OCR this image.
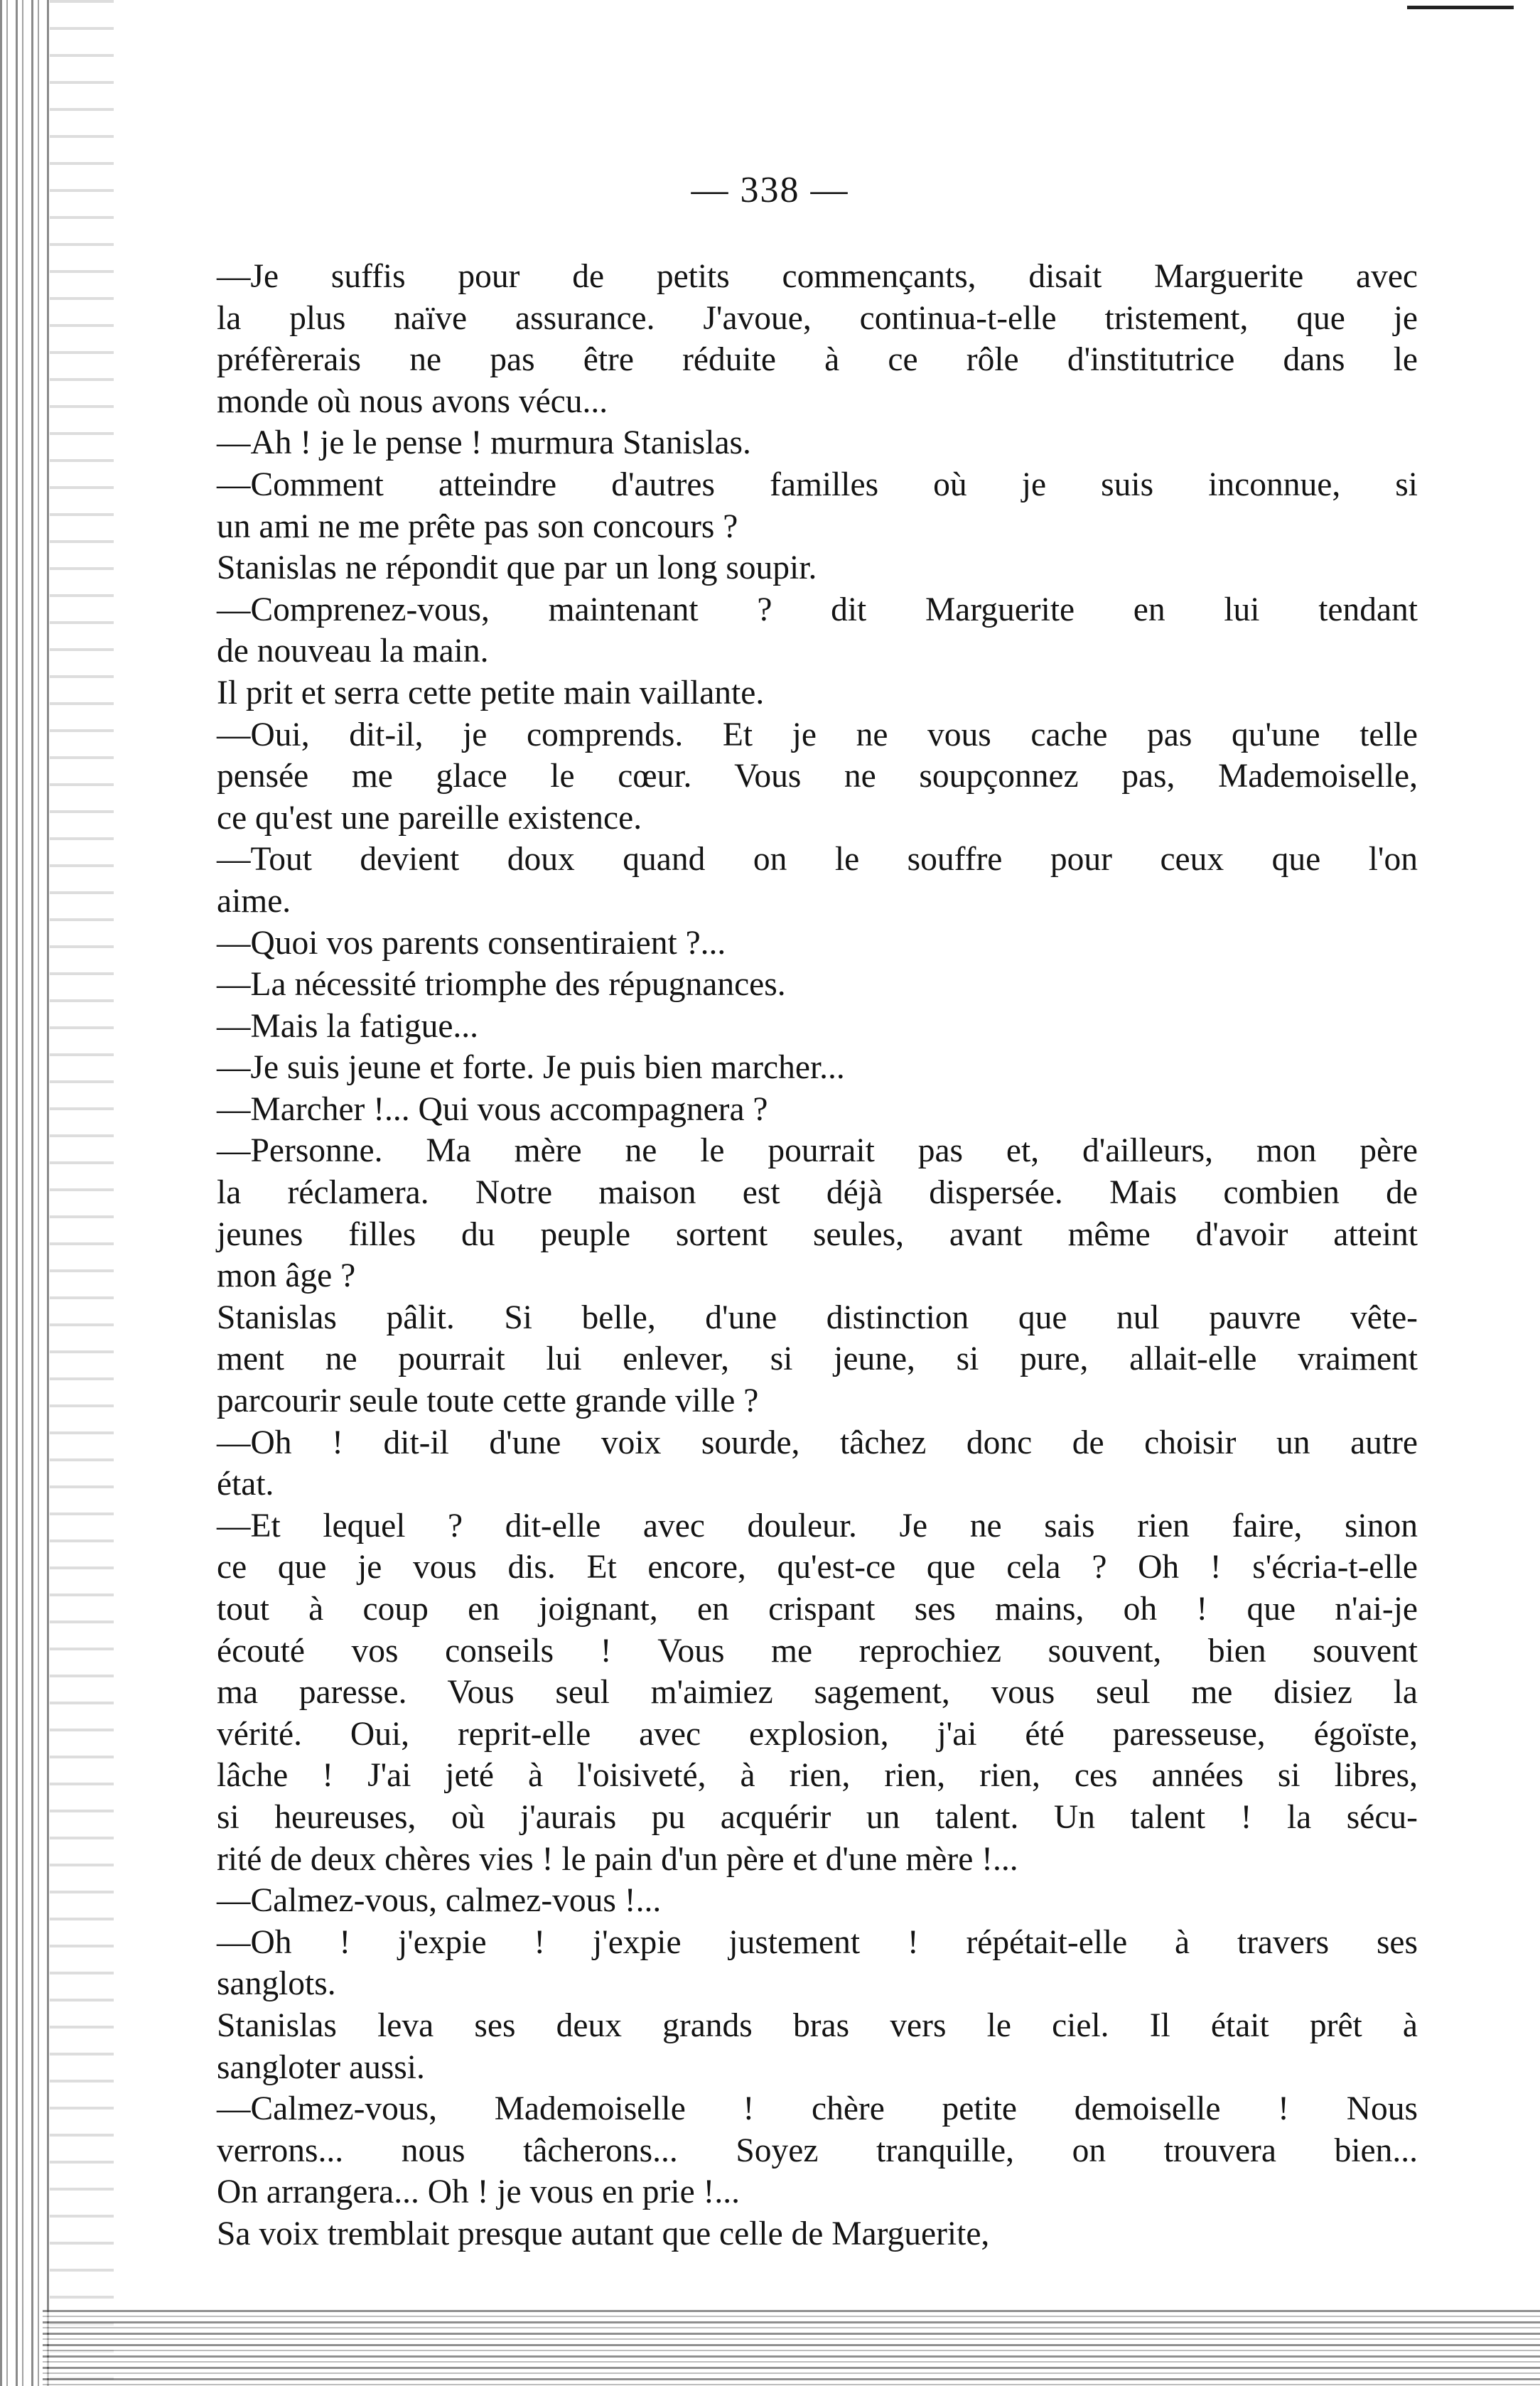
— 338 —
—Je suffis pour de petits commençants, disait Marguerite avec
la plus naïve assurance. J'avoue, continua-t-elle tristement, que je
préfèrerais ne pas être réduite à ce rôle d'institutrice dans le
monde où nous avons vécu...
—Ah ! je le pense ! murmura Stanislas.
—Comment atteindre d'autres familles où je suis inconnue, si
un ami ne me prête pas son concours ?
Stanislas ne répondit que par un long soupir.
—Comprenez-vous, maintenant ? dit Marguerite en lui tendant
de nouveau la main.
Il prit et serra cette petite main vaillante.
—Oui, dit-il, je comprends. Et je ne vous cache pas qu'une telle
pensée me glace le cœur. Vous ne soupçonnez pas, Mademoiselle,
ce qu'est une pareille existence.
—Tout devient doux quand on le souffre pour ceux que l'on
aime.
—Quoi vos parents consentiraient ?...
—La nécessité triomphe des répugnances.
—Mais la fatigue...
—Je suis jeune et forte. Je puis bien marcher...
—Marcher !... Qui vous accompagnera ?
—Personne. Ma mère ne le pourrait pas et, d'ailleurs, mon père
la réclamera. Notre maison est déjà dispersée. Mais combien de
jeunes filles du peuple sortent seules, avant même d'avoir atteint
mon âge ?
Stanislas pâlit. Si belle, d'une distinction que nul pauvre vête-
ment ne pourrait lui enlever, si jeune, si pure, allait-elle vraiment
parcourir seule toute cette grande ville ?
—Oh ! dit-il d'une voix sourde, tâchez donc de choisir un autre
état.
—Et lequel ? dit-elle avec douleur. Je ne sais rien faire, sinon
ce que je vous dis. Et encore, qu'est-ce que cela ? Oh ! s'écria-t-elle
tout à coup en joignant, en crispant ses mains, oh ! que n'ai-je
écouté vos conseils ! Vous me reprochiez souvent, bien souvent
ma paresse. Vous seul m'aimiez sagement, vous seul me disiez la
vérité. Oui, reprit-elle avec explosion, j'ai été paresseuse, égoïste,
lâche ! J'ai jeté à l'oisiveté, à rien, rien, rien, ces années si libres,
si heureuses, où j'aurais pu acquérir un talent. Un talent ! la sécu-
rité de deux chères vies ! le pain d'un père et d'une mère !...
—Calmez-vous, calmez-vous !...
—Oh ! j'expie ! j'expie justement ! répétait-elle à travers ses
sanglots.
Stanislas leva ses deux grands bras vers le ciel. Il était prêt à
sangloter aussi.
—Calmez-vous, Mademoiselle ! chère petite demoiselle ! Nous
verrons... nous tâcherons... Soyez tranquille, on trouvera bien...
On arrangera... Oh ! je vous en prie !...
Sa voix tremblait presque autant que celle de Marguerite,
